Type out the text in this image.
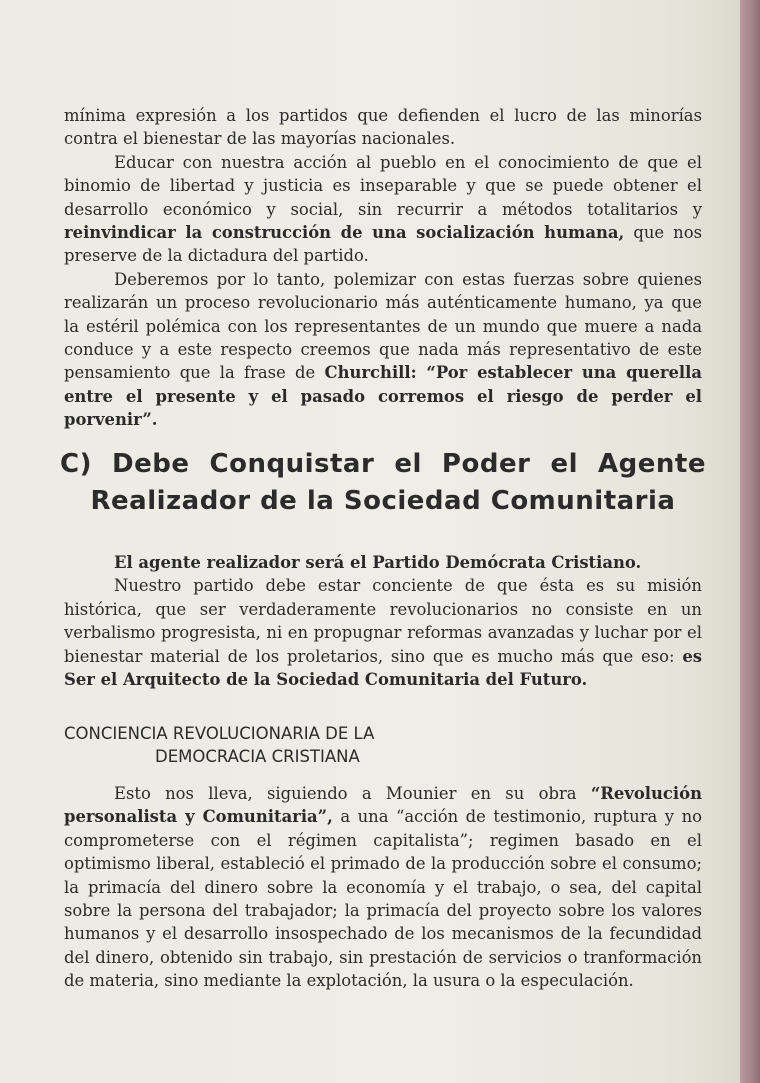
mínima expresión a los partidos que defienden el lucro de las minorías contra el bienestar de las mayorías nacionales.

Educar con nuestra acción al pueblo en el conocimiento de que el binomio de libertad y justicia es inseparable y que se puede obtener el desarrollo económico y social, sin recurrir a métodos totalitarios y reinvindicar la construcción de una socialización humana, que nos preserve de la dictadura del partido.

Deberemos por lo tanto, polemizar con estas fuerzas sobre quienes realizarán un proceso revolucionario más auténticamente humano, ya que la estéril polémica con los representantes de un mundo que muere a nada conduce y a este respecto creemos que nada más representativo de este pensamiento que la frase de Churchill: “Por establecer una querella entre el presente y el pasado corremos el riesgo de perder el porvenir”.

C) Debe Conquistar el Poder el Agente
Realizador de la Sociedad Comunitaria

El agente realizador será el Partido Demócrata Cristiano.

Nuestro partido debe estar conciente de que ésta es su misión histórica, que ser verdaderamente revolucionarios no consiste en un verbalismo progresista, ni en propugnar reformas avanzadas y luchar por el bienestar material de los proletarios, sino que es mucho más que eso: es Ser el Arquitecto de la Sociedad Comunitaria del Futuro.

CONCIENCIA REVOLUCIONARIA DE LA
DEMOCRACIA CRISTIANA

Esto nos lleva, siguiendo a Mounier en su obra “Revolución personalista y Comunitaria”, a una “acción de testimonio, ruptura y no comprometerse con el régimen capitalista”; regimen basado en el optimismo liberal, estableció el primado de la producción sobre el consumo; la primacía del dinero sobre la economía y el trabajo, o sea, del capital sobre la persona del trabajador; la primacía del proyecto sobre los valores humanos y el desarrollo insospechado de los mecanismos de la fecundidad del dinero, obtenido sin trabajo, sin prestación de servicios o tranformación de materia, sino mediante la explotación, la usura o la especulación.
